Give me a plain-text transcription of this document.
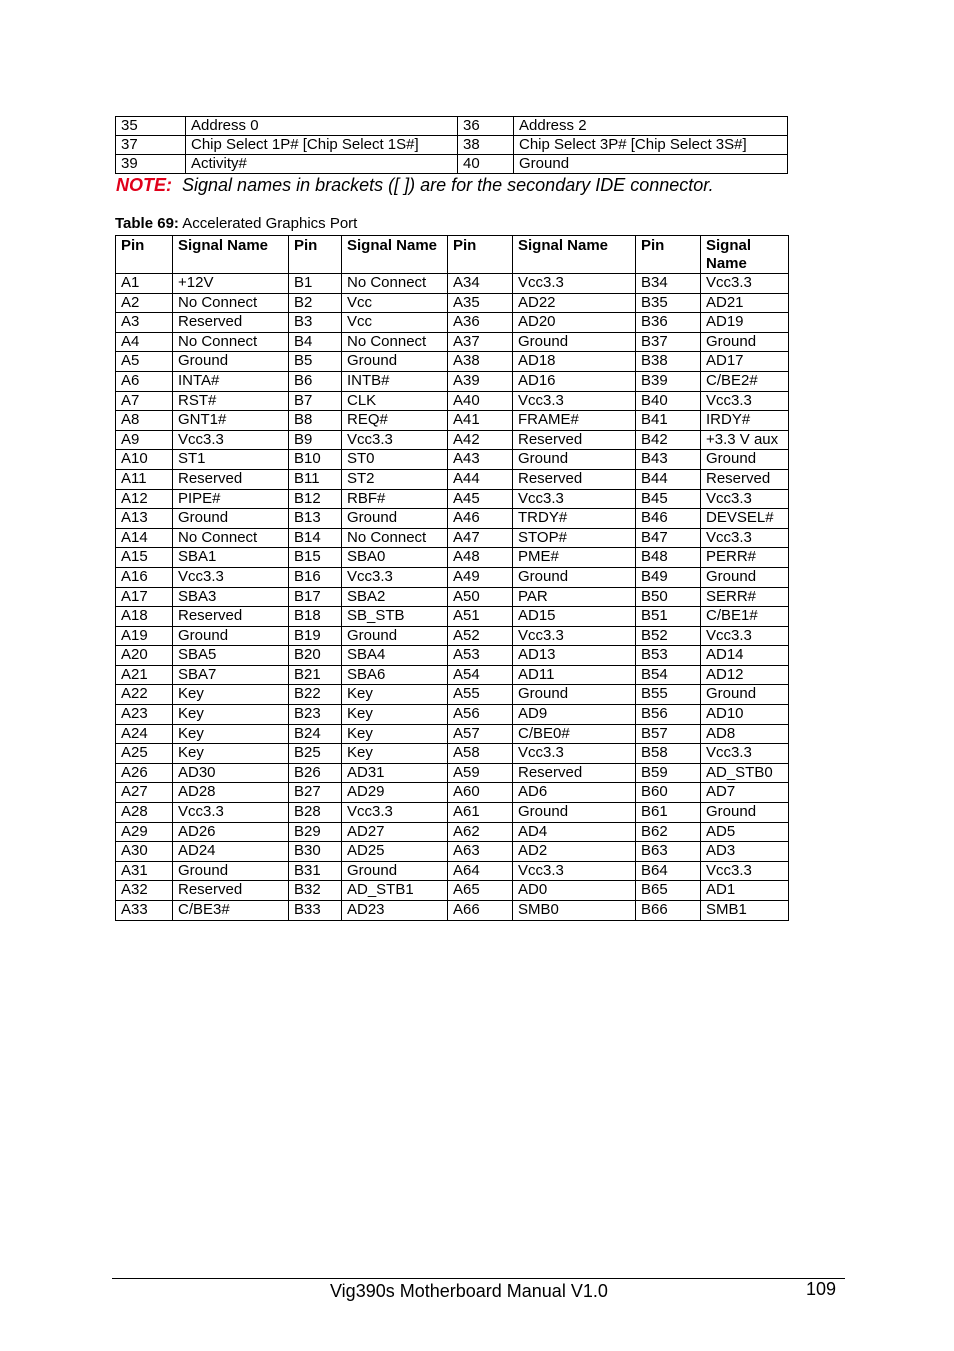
35	Address 0	36	Address 2
37	Chip Select 1P# [Chip Select 1S#]	38	Chip Select 3P# [Chip Select 3S#]
39	Activity#	40	Ground
NOTE: Signal names in brackets ([ ]) are for the secondary IDE connector.
Table 69: Accelerated Graphics Port
Pin	Signal Name	Pin	Signal Name	Pin	Signal Name	Pin	Signal Name
A1	+12V	B1	No Connect	A34	Vcc3.3	B34	Vcc3.3
A2	No Connect	B2	Vcc	A35	AD22	B35	AD21
A3	Reserved	B3	Vcc	A36	AD20	B36	AD19
A4	No Connect	B4	No Connect	A37	Ground	B37	Ground
A5	Ground	B5	Ground	A38	AD18	B38	AD17
A6	INTA#	B6	INTB#	A39	AD16	B39	C/BE2#
A7	RST#	B7	CLK	A40	Vcc3.3	B40	Vcc3.3
A8	GNT1#	B8	REQ#	A41	FRAME#	B41	IRDY#
A9	Vcc3.3	B9	Vcc3.3	A42	Reserved	B42	+3.3 V aux
A10	ST1	B10	ST0	A43	Ground	B43	Ground
A11	Reserved	B11	ST2	A44	Reserved	B44	Reserved
A12	PIPE#	B12	RBF#	A45	Vcc3.3	B45	Vcc3.3
A13	Ground	B13	Ground	A46	TRDY#	B46	DEVSEL#
A14	No Connect	B14	No Connect	A47	STOP#	B47	Vcc3.3
A15	SBA1	B15	SBA0	A48	PME#	B48	PERR#
A16	Vcc3.3	B16	Vcc3.3	A49	Ground	B49	Ground
A17	SBA3	B17	SBA2	A50	PAR	B50	SERR#
A18	Reserved	B18	SB_STB	A51	AD15	B51	C/BE1#
A19	Ground	B19	Ground	A52	Vcc3.3	B52	Vcc3.3
A20	SBA5	B20	SBA4	A53	AD13	B53	AD14
A21	SBA7	B21	SBA6	A54	AD11	B54	AD12
A22	Key	B22	Key	A55	Ground	B55	Ground
A23	Key	B23	Key	A56	AD9	B56	AD10
A24	Key	B24	Key	A57	C/BE0#	B57	AD8
A25	Key	B25	Key	A58	Vcc3.3	B58	Vcc3.3
A26	AD30	B26	AD31	A59	Reserved	B59	AD_STB0
A27	AD28	B27	AD29	A60	AD6	B60	AD7
A28	Vcc3.3	B28	Vcc3.3	A61	Ground	B61	Ground
A29	AD26	B29	AD27	A62	AD4	B62	AD5
A30	AD24	B30	AD25	A63	AD2	B63	AD3
A31	Ground	B31	Ground	A64	Vcc3.3	B64	Vcc3.3
A32	Reserved	B32	AD_STB1	A65	AD0	B65	AD1
A33	C/BE3#	B33	AD23	A66	SMB0	B66	SMB1
Vig390s Motherboard Manual V1.0	109
